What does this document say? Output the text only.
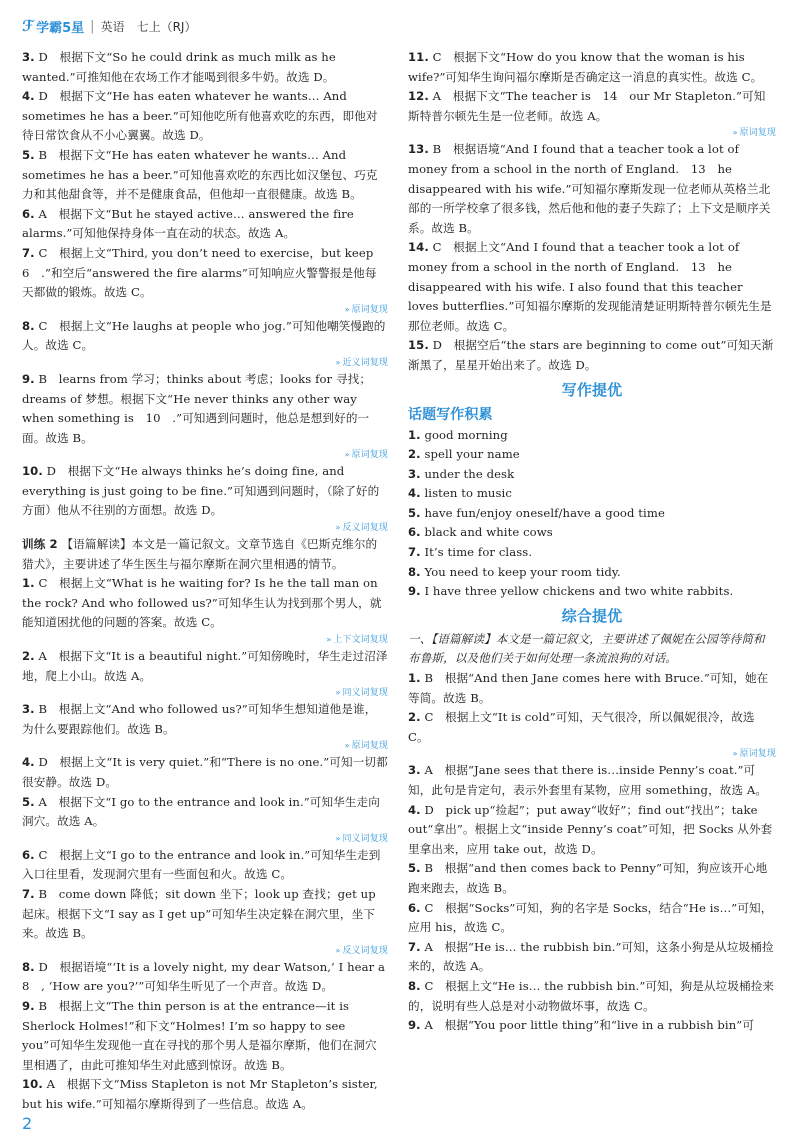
ℱ 学霸5星 | 英语　七上（RJ）
3. D　根据下文“So he could drink as much milk as he wanted.”可推知他在农场工作才能喝到很多牛奶。故选 D。
4. D　根据下文“He has eaten whatever he wants… And sometimes he has a beer.”可知他吃所有他喜欢吃的东西，即他对待日常饮食从不小心翼翼。故选 D。
5. B　根据下文“He has eaten whatever he wants… And sometimes he has a beer.”可知他喜欢吃的东西比如汉堡包、巧克力和其他甜食等，并不是健康食品，但他却一直很健康。故选 B。
6. A　根据下文“But he stayed active… answered the fire alarms.”可知他保持身体一直在动的状态。故选 A。
7. C　根据上文“Third, you don’t need to exercise，but keep　6　.”和空后“answered the fire alarms”可知响应火警警报是他每天都做的锻炼。故选 C。
» 原词复现
8. C　根据上文“He laughs at people who jog.”可知他嘲笑慢跑的人。故选 C。
» 近义词复现
9. B　learns from 学习；thinks about 考虑；looks for 寻找；dreams of 梦想。根据下文“He never thinks any other way when something is　10　.”可知遇到问题时，他总是想到好的一面。故选 B。
» 原词复现
10. D　根据下文“He always thinks he’s doing fine, and everything is just going to be fine.”可知遇到问题时，（除了好的方面）他从不往别的方面想。故选 D。
» 反义词复现
训练 2 【语篇解读】本文是一篇记叙文。文章节选自《巴斯克维尔的猎犬》，主要讲述了华生医生与福尔摩斯在洞穴里相遇的情节。
1. C　根据上文“What is he waiting for? Is he the tall man on the rock? And who followed us?”可知华生认为找到那个男人，就能知道困扰他的问题的答案。故选 C。
» 上下文词复现
2. A　根据下文“It is a beautiful night.”可知傍晚时，华生走过沼泽地，爬上小山。故选 A。
» 同义词复现
3. B　根据上文“And who followed us?”可知华生想知道他是谁，为什么要跟踪他们。故选 B。
» 原词复现
4. D　根据上文“It is very quiet.”和“There is no one.”可知一切都很安静。故选 D。
5. A　根据下文“I go to the entrance and look in.”可知华生走向洞穴。故选 A。
» 同义词复现
6. C　根据上文“I go to the entrance and look in.”可知华生走到入口往里看，发现洞穴里有一些面包和火。故选 C。
7. B　come down 降低；sit down 坐下；look up 查找；get up 起床。根据下文“I say as I get up”可知华生决定躲在洞穴里，坐下来。故选 B。
» 反义词复现
8. D　根据语境“‘It is a lovely night, my dear Watson,’ I hear a　8　, ‘How are you?’”可知华生听见了一个声音。故选 D。
9. B　根据上文“The thin person is at the entrance—it is Sherlock Holmes!”和下文“Holmes! I’m so happy to see you”可知华生发现他一直在寻找的那个男人是福尔摩斯，他们在洞穴里相遇了，由此可推知华生对此感到惊讶。故选 B。
10. A　根据下文“Miss Stapleton is not Mr Stapleton’s sister, but his wife.”可知福尔摩斯得到了一些信息。故选 A。
11. C　根据下文“How do you know that the woman is his wife?”可知华生询问福尔摩斯是否确定这一消息的真实性。故选 C。
12. A　根据下文“The teacher is　14　our Mr Stapleton.”可知斯特普尔顿先生是一位老师。故选 A。
» 原词复现
13. B　根据语境“And I found that a teacher took a lot of money from a school in the north of England.　13　he disappeared with his wife.”可知福尔摩斯发现一位老师从英格兰北部的一所学校拿了很多钱，然后他和他的妻子失踪了；上下文是顺序关系。故选 B。
14. C　根据上文“And I found that a teacher took a lot of money from a school in the north of England.　13　he disappeared with his wife. I also found that this teacher loves butterflies.”可知福尔摩斯的发现能清楚证明斯特普尔顿先生是那位老师。故选 C。
15. D　根据空后“the stars are beginning to come out”可知天渐渐黑了，星星开始出来了。故选 D。
写作提优
话题写作积累
1. good morning
2. spell your name
3. under the desk
4. listen to music
5. have fun/enjoy oneself/have a good time
6. black and white cows
7. It’s time for class.
8. You need to keep your room tidy.
9. I have three yellow chickens and two white rabbits.
综合提优
一、【语篇解读】本文是一篇记叙文，主要讲述了佩妮在公园等待简和布鲁斯，以及他们关于如何处理一条流浪狗的对话。
1. B　根据“And then Jane comes here with Bruce.”可知，她在等简。故选 B。
2. C　根据上文“It is cold”可知，天气很冷，所以佩妮很冷，故选 C。
» 原词复现
3. A　根据“Jane sees that there is…inside Penny’s coat.”可知，此句是肯定句，表示外套里有某物，应用 something，故选 A。
4. D　pick up“捡起”；put away“收好”；find out“找出”；take out“拿出”。根据上文“inside Penny’s coat”可知，把 Socks 从外套里拿出来，应用 take out，故选 D。
5. B　根据“and then comes back to Penny”可知，狗应该开心地跑来跑去，故选 B。
6. C　根据“Socks”可知，狗的名字是 Socks，结合“He is…”可知，应用 his，故选 C。
7. A　根据“He is… the rubbish bin.”可知，这条小狗是从垃圾桶捡来的，故选 A。
8. C　根据上文“He is… the rubbish bin.”可知，狗是从垃圾桶捡来的，说明有些人总是对小动物做坏事，故选 C。
9. A　根据“You poor little thing”和“live in a rubbish bin”可
2
